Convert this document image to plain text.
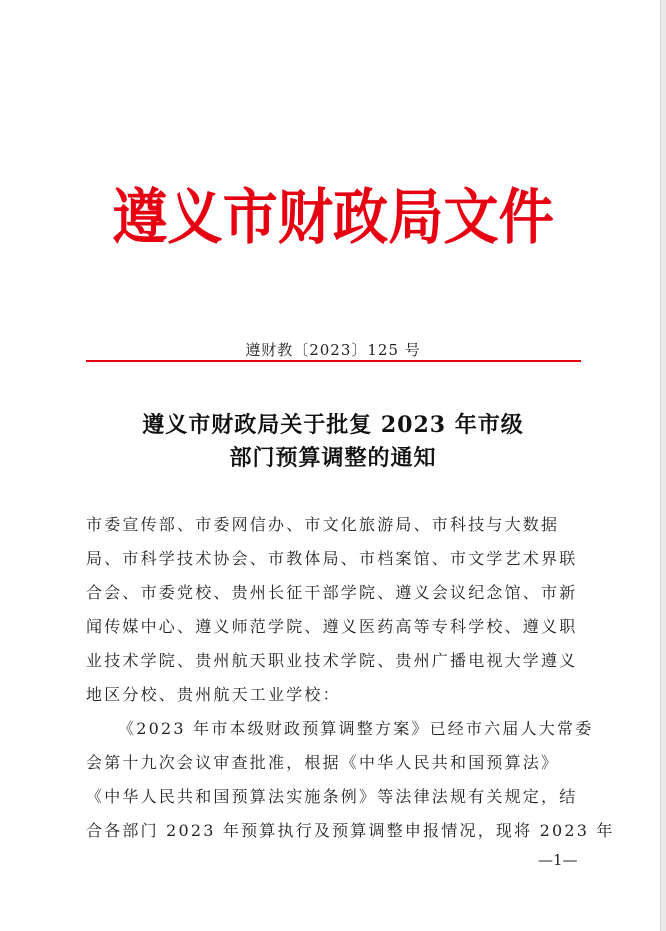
遵义市财政局文件
遵财教〔2023〕125 号
遵义市财政局关于批复 2023 年市级
部门预算调整的通知

市委宣传部、市委网信办、市文化旅游局、市科技与大数据
局、市科学技术协会、市教体局、市档案馆、市文学艺术界联
合会、市委党校、贵州长征干部学院、遵义会议纪念馆、市新
闻传媒中心、遵义师范学院、遵义医药高等专科学校、遵义职
业技术学院、贵州航天职业技术学院、贵州广播电视大学遵义
地区分校、贵州航天工业学校：

《2023 年市本级财政预算调整方案》已经市六届人大常委
会第十九次会议审查批准，根据《中华人民共和国预算法》
《中华人民共和国预算法实施条例》等法律法规有关规定，结
合各部门 2023 年预算执行及预算调整申报情况，现将 2023 年

—1—
